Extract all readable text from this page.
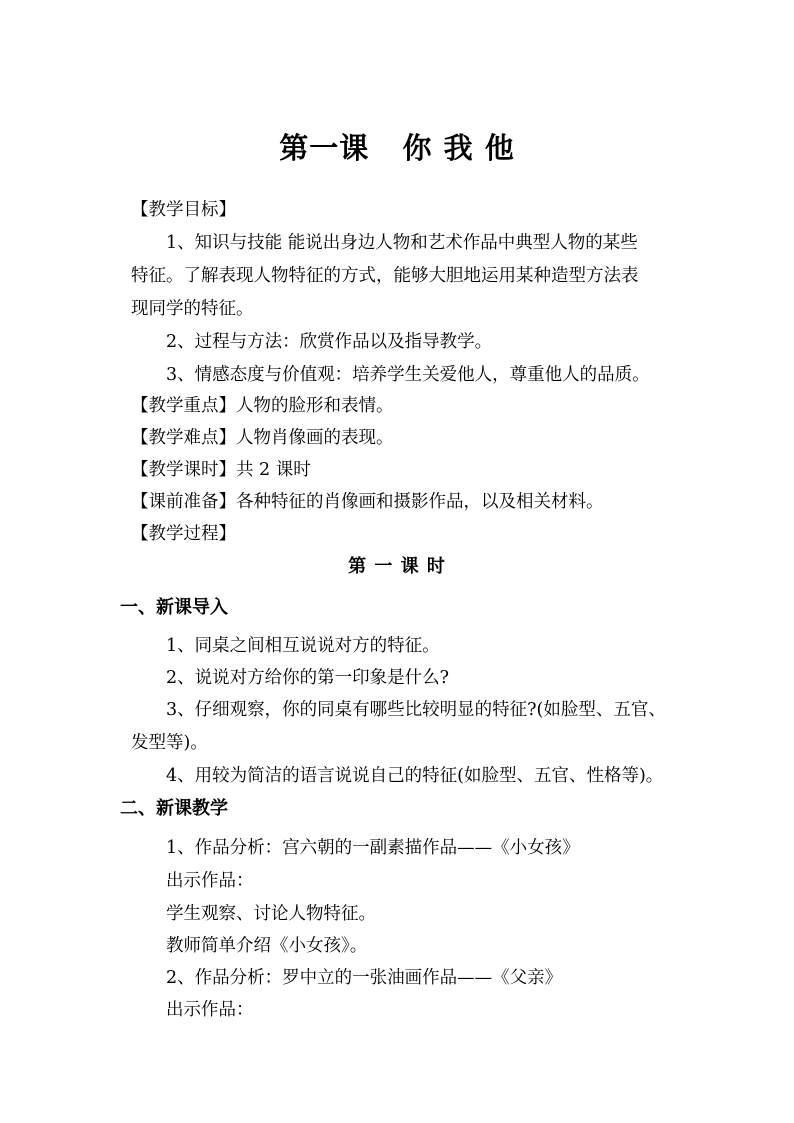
第一课   你 我 他
【教学目标】
1、知识与技能 能说出身边人物和艺术作品中典型人物的某些
特征。了解表现人物特征的方式，能够大胆地运用某种造型方法表
现同学的特征。
2、过程与方法：欣赏作品以及指导教学。
3、情感态度与价值观：培养学生关爱他人，尊重他人的品质。
【教学重点】人物的脸形和表情。
【教学难点】人物肖像画的表现。
【教学课时】共 2 课时
【课前准备】各种特征的肖像画和摄影作品，以及相关材料。
【教学过程】
第 一 课 时
一、新课导入
1、同桌之间相互说说对方的特征。
2、说说对方给你的第一印象是什么?
3、仔细观察，你的同桌有哪些比较明显的特征?(如脸型、五官、
发型等)。
4、用较为简洁的语言说说自己的特征(如脸型、五官、性格等)。
二、新课教学
1、作品分析：宫六朝的一副素描作品——《小女孩》
出示作品：
学生观察、讨论人物特征。
教师简单介绍《小女孩》。
2、作品分析：罗中立的一张油画作品——《父亲》
出示作品：
